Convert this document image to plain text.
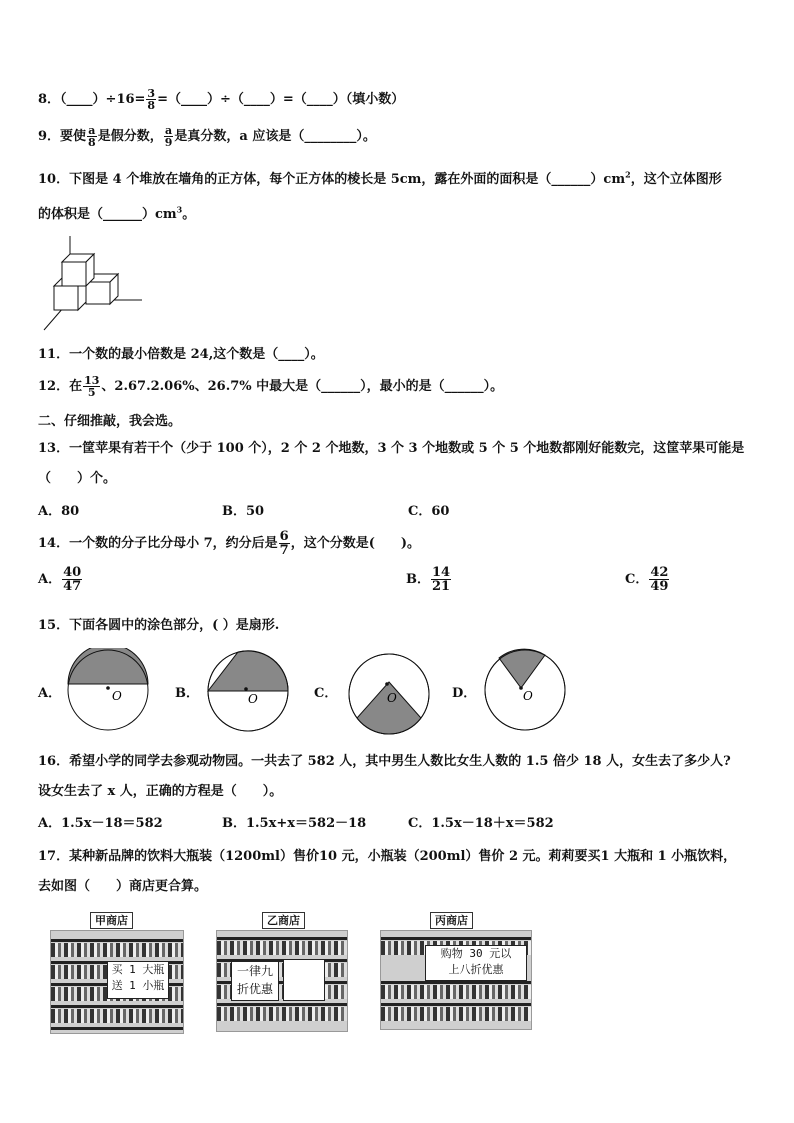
8．（____）÷16= $\frac{3}{8}$ =（____）÷（____）=（____）（填小数）
9．要使 $\frac{a}{8}$ 是假分数， $\frac{a}{9}$ 是真分数，a 应该是（________）。
10．下图是 4 个堆放在墙角的正方体，每个正方体的棱长是 5cm，露在外面的面积是$(\_\_\_\_\_\_)cm^2$，这个立体图形
的体积是$(\_\_\_\_\_\_)cm^3$。
11．一个数的最小倍数是 24,这个数是（____）。
12．在 $\frac{13}{5}$ 、2.67.2.06%、26.7% 中最大是（______），最小的是（______）。
二、仔细推敲，我会选。
13．一筐苹果有若干个（少于 100 个），2 个 2 个地数，3 个 3 个地数或 5 个 5 个地数都刚好能数完，这筐苹果可能是
（　　）个。
A．80	B．50	C．60
14．一个数的分子比分母小 7，约分后是 $\frac{6}{7}$ ，这个分数是(　　)。
A． $\frac{40}{47}$	B． $\frac{14}{21}$	C． $\frac{42}{49}$
15．下面各圆中的涂色部分，( ）是扇形.
A．	O	B．	O	C．	O	D．	O
16．希望小学的同学去参观动物园。一共去了 582 人，其中男生人数比女生人数的 1.5 倍少 18 人，女生去了多少人?
设女生去了 x 人，正确的方程是（　　）。
A．1.5x－18＝582	B．1.5x+x＝582－18	C．1.5x－18＋x＝582
17．某种新品牌的饮料大瓶装（1200ml）售价10 元，小瓶装（200ml）售价 2 元。莉莉要买1 大瓶和 1 小瓶饮料，
去如图（　　）商店更合算。
买 1 大瓶
送 1 小瓶
甲商店
一律九
折优惠
乙商店
购物 30 元以
上八折优惠
丙商店
